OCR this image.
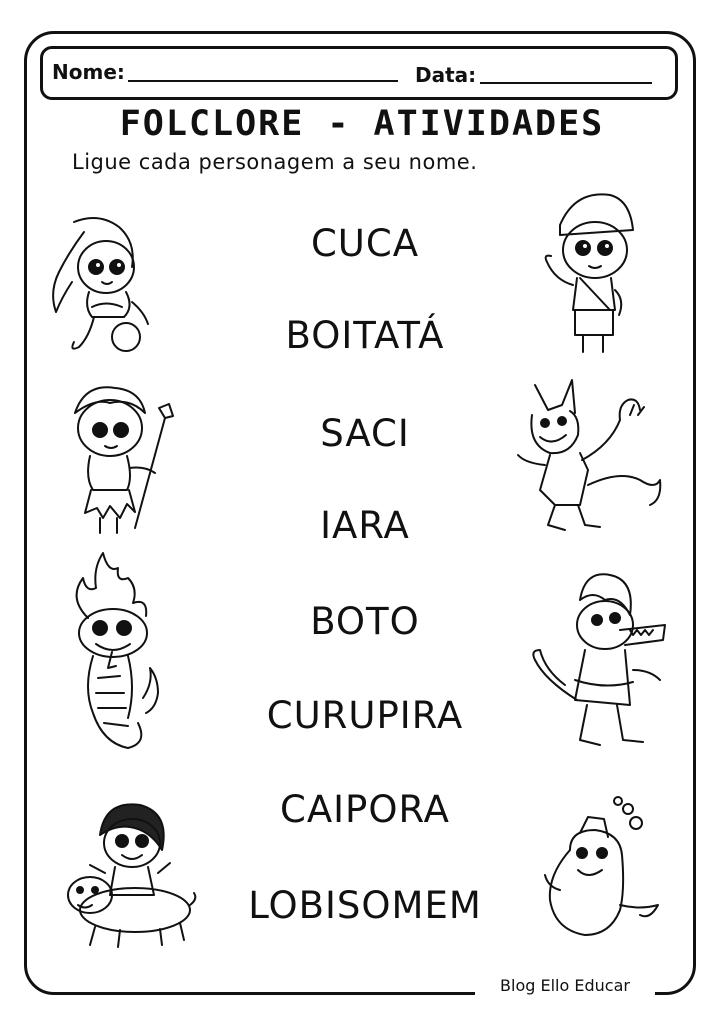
Nome:	Data:
FOLCLORE - ATIVIDADES
Ligue cada personagem a seu nome.
CUCA
BOITATÁ
SACI
IARA
BOTO
CURUPIRA
CAIPORA
LOBISOMEM
Blog Ello Educar
